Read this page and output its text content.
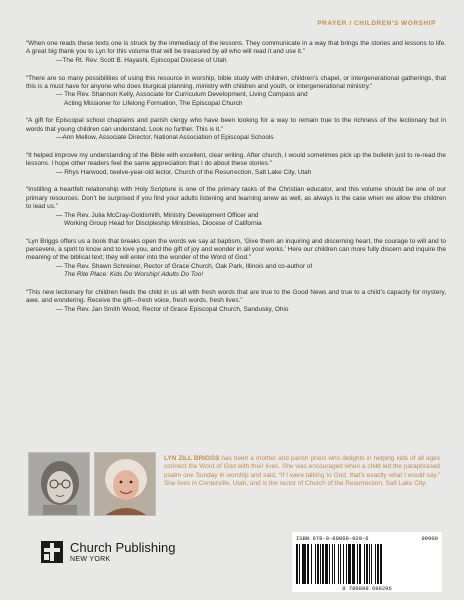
PRAYER / CHILDREN'S WORSHIP

“When one reads these texts one is struck by the immediacy of the lessons. They communicate in a way that brings the stories and lessons to life. A great big thank you to Lyn for this volume that will be treasured by all who will read it and use it.”

—The Rt. Rev. Scott B. Hayashi, Episcopal Diocese of Utah

“There are so many possibilities of using this resource in worship, bible study with children, children’s chapel, or intergenerational gatherings, that this is a must have for anyone who does liturgical planning, ministry with children and youth, or intergenerational ministry.”

— The Rev. Shannon Kelly, Associate for Curriculum Development, Living Compass and
Acting Missioner for Lifelong Formation, The Episcopal Church

“A gift for Episcopal school chaplains and parish clergy who have been looking for a way to remain true to the richness of the lectionary but in words that young children can understand. Look no further. This is it.”

—Ann Mellow, Associate Director, National Association of Episcopal Schools

“It helped improve my understanding of the Bible with excellent, clear writing. After church, I would sometimes pick up the bulletin just to re-read the lessons. I hope other readers feel the same appreciation that I do about these stories.”

— Rhys Harwood, twelve-year-old lector, Church of the Resurrection, Salt Lake City, Utah

“Instilling a heartfelt relationship with Holy Scripture is one of the primary tasks of the Christian educator, and this volume should be one of our primary resources. Don’t be surprised if you find your adults listening and learning anew as well, as always is the case when we allow the children to lead us.”

— The Rev. Julia McCray-Goldsmith, Ministry Development Officer and
Working Group Head for Discipleship Ministries, Diocese of California

“Lyn Briggs offers us a book that breaks open the words we say at baptism, ‘Give them an inquiring and discerning heart, the courage to will and to persevere, a spirit to know and to love you, and the gift of joy and wonder in all your works.’ Here our children can more fully discern and inquire the meaning of the biblical text; they will enter into the wonder of the Word of God.”

— The Rev. Shawn Schreiner, Rector of Grace Church, Oak Park, Illinois and co-author of
The Rite Place: Kids Do Worship! Adults Do Too!

“This new lectionary for children feeds the child in us all with fresh words that are true to the Good News and true to a child’s capacity for mystery, awe, and wondering. Receive the gift—fresh voice, fresh words, fresh lives.”

— The Rev. Jan Smith Wood, Rector of Grace Episcopal Church, Sandusky, Ohio
LYN ZILL BRIGGS has been a mother and parish priest who delights in helping kids of all ages connect the Word of God with their lives. She was encouraged when a child led the paraphrased psalm one Sunday in worship and said, “If I were talking to God, that’s exactly what I would say.” She lives in Centerville, Utah, and is the rector of Church of the Resurrection, Salt Lake City.
Church Publishing
NEW YORK
ISBN 978-0-89869-929-6	90000
9 780898 699296
